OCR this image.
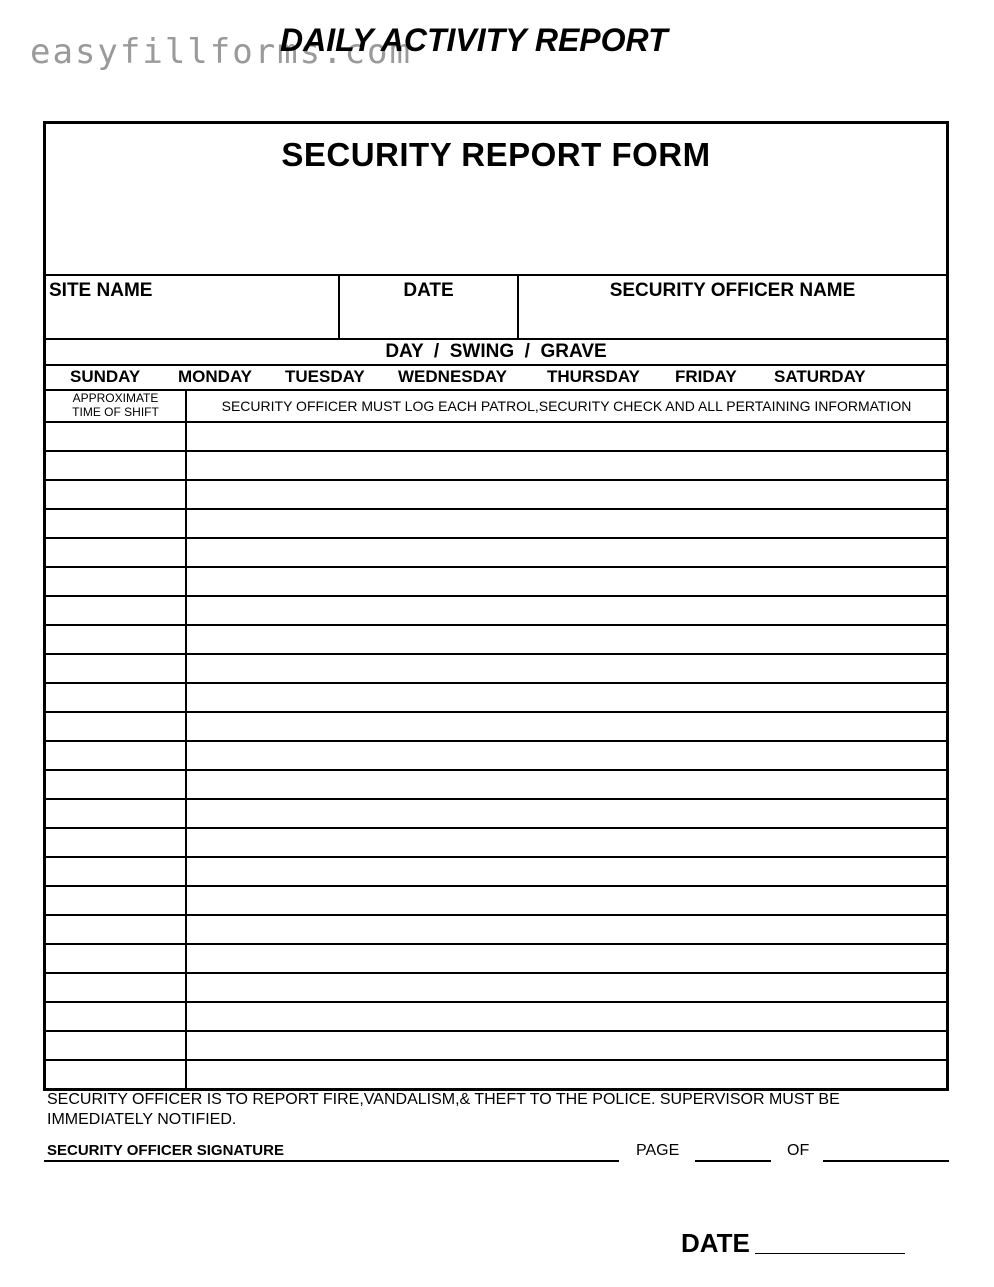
easyfillforms.com
DAILY ACTIVITY REPORT
SECURITY REPORT FORM
SITE NAME	DATE	SECURITY OFFICER NAME
DAY  /  SWING  /  GRAVE
SUNDAY MONDAY TUESDAY WEDNESDAY THURSDAY FRIDAY SATURDAY
APPROXIMATE
TIME OF SHIFT	SECURITY OFFICER MUST LOG EACH PATROL,SECURITY CHECK AND ALL PERTAINING INFORMATION
SECURITY OFFICER IS TO REPORT FIRE,VANDALISM,& THEFT TO THE POLICE. SUPERVISOR MUST BE IMMEDIATELY NOTIFIED.
SECURITY OFFICER SIGNATURE	PAGE	OF
DATE
